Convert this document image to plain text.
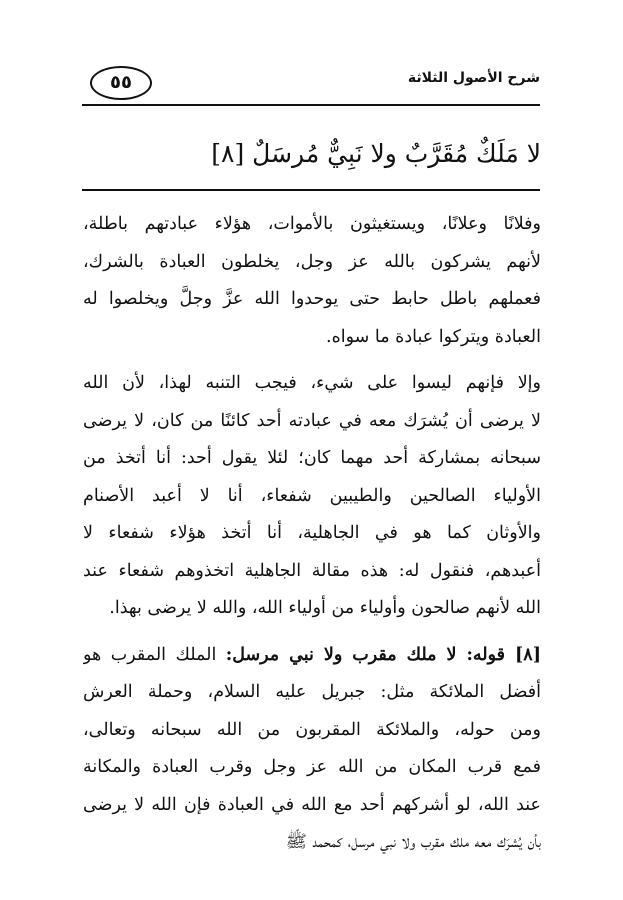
٥٥	شرح الأصول الثلاثة
لا مَلَكٌ مُقَرَّبٌ ولا نَبِيٌّ مُرسَلٌ [٨]
وفلانًا وعلانًا، ويستغيثون بالأموات، هؤلاء عبادتهم باطلة،
لأنهم يشركون بالله عز وجل، يخلطون العبادة بالشرك،
فعملهم باطل حابط حتى يوحدوا الله عزَّ وجلَّ ويخلصوا له
العبادة ويتركوا عبادة ما سواه.
وإلا فإنهم ليسوا على شيء، فيجب التنبه لهذا، لأن الله
لا يرضى أن يُشرَك معه في عبادته أحد كائنًا من كان، لا يرضى
سبحانه بمشاركة أحد مهما كان؛ لئلا يقول أحد: أنا أتخذ من
الأولياء الصالحين والطيبين شفعاء، أنا لا أعبد الأصنام
والأوثان كما هو في الجاهلية، أنا أتخذ هؤلاء شفعاء لا
أعبدهم، فنقول له: هذه مقالة الجاهلية اتخذوهم شفعاء عند
الله لأنهم صالحون وأولياء من أولياء الله، والله لا يرضى بهذا.
[٨] قوله: لا ملك مقرب ولا نبي مرسل: الملك المقرب هو
أفضل الملائكة مثل: جبريل عليه السلام، وحملة العرش
ومن حوله، والملائكة المقربون من الله سبحانه وتعالى،
فمع قرب المكان من الله عز وجل وقرب العبادة والمكانة
عند الله، لو أشركهم أحد مع الله في العبادة فإن الله لا يرضى
بأن يُشرَك معه ملك مقرب ولا نبي مرسل، كمحمد ﷺ
